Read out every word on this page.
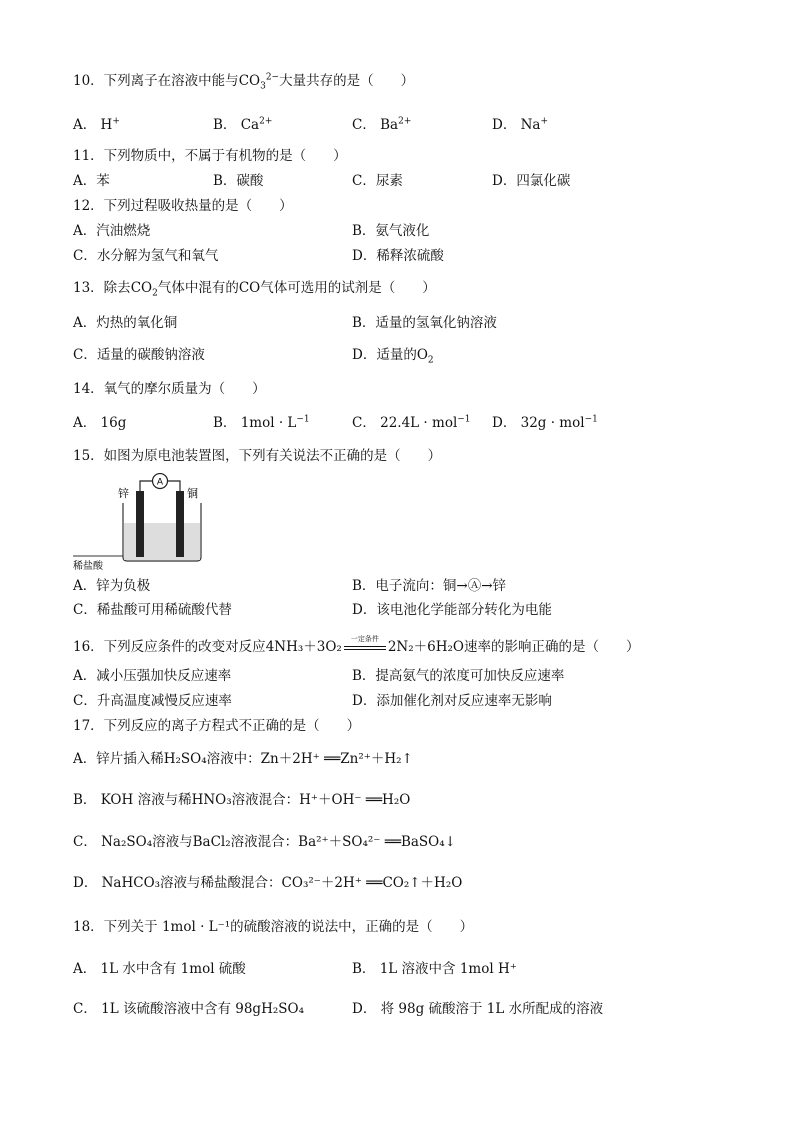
10．下列离子在溶液中能与$CO_3^{2-}$大量共存的是（　　）
A． H+	B． $Ca^{2+}$	C． $Ba^{2+}$	D． Na+
11．下列物质中，不属于有机物的是（　　）
A．苯	B．碳酸	C．尿素	D．四氯化碳
12．下列过程吸收热量的是（　　）
A．汽油燃烧	B．氨气液化
C．水分解为氢气和氧气	D．稀释浓硫酸
13．除去$CO_2$气体中混有的CO气体可选用的试剂是（　　）
A．灼热的氧化铜	B．适量的氢氧化钠溶液
C．适量的碳酸钠溶液	D．适量的$O_2$
14．氧气的摩尔质量为（　　）
A． 16g	B． $1mol \cdot L^{-1}$	C． 22.4L · mol$^{-1}$ D． 32g · mol$^{-1}$
15．如图为原电池装置图，下列有关说法不正确的是（　　）
A
锌	铜
稀盐酸
A．锌为负极	B．电子流向：铜→Ⓐ→锌
C．稀盐酸可用稀硫酸代替	D．该电池化学能部分转化为电能
16．下列反应条件的改变对反应4NH₃＋3O₂
一定条件
2N₂＋6H₂O速率的影响正确的是（　　）
A．减小压强加快反应速率	B．提高氨气的浓度可加快反应速率
C．升高温度减慢反应速率	D．添加催化剂对反应速率无影响
17．下列反应的离子方程式不正确的是（　　）
A．锌片插入稀H₂SO₄溶液中：Zn＋2H⁺ ══Zn²⁺＋H₂↑
B． KOH 溶液与稀HNO₃溶液混合：H⁺＋OH⁻ ══H₂O
C． Na₂SO₄溶液与BaCl₂溶液混合：Ba²⁺＋SO₄²⁻ ══BaSO₄↓
D． NaHCO₃溶液与稀盐酸混合：CO₃²⁻＋2H⁺ ══CO₂↑＋H₂O
18．下列关于 1mol · L⁻¹的硫酸溶液的说法中，正确的是（　　）
A． 1L 水中含有 1mol 硫酸	B． 1L 溶液中含 1mol H⁺
C． 1L 该硫酸溶液中含有 98gH₂SO₄	D． 将 98g 硫酸溶于 1L 水所配成的溶液
